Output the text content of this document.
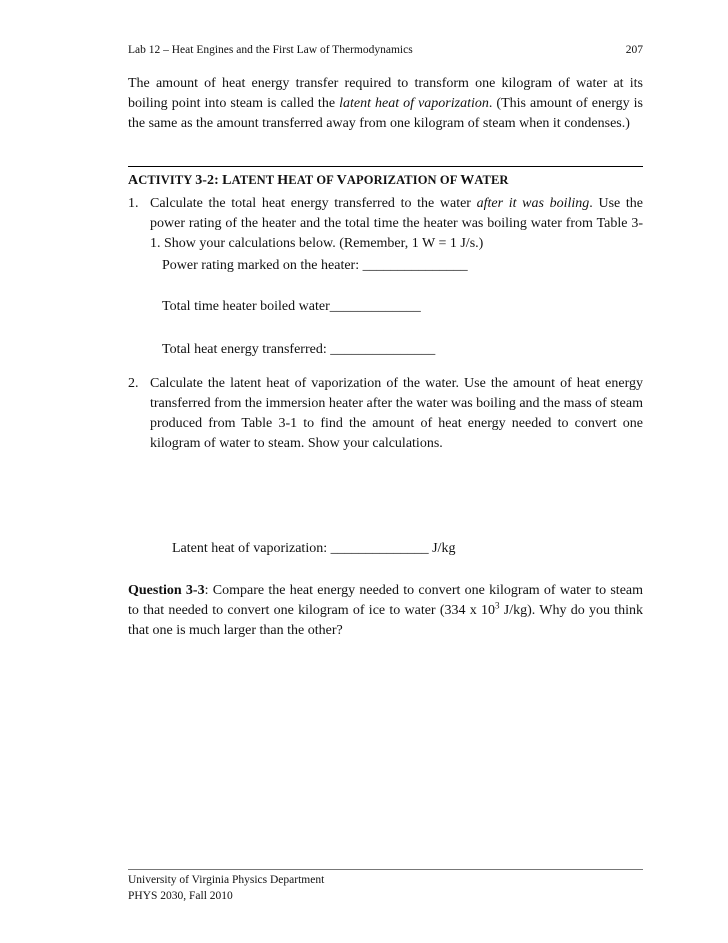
Lab 12 – Heat Engines and the First Law of Thermodynamics	207
The amount of heat energy transfer required to transform one kilogram of water at its boiling point into steam is called the latent heat of vaporization. (This amount of energy is the same as the amount transferred away from one kilogram of steam when it condenses.)
ACTIVITY 3-2: LATENT HEAT OF VAPORIZATION OF WATER
1. Calculate the total heat energy transferred to the water after it was boiling. Use the power rating of the heater and the total time the heater was boiling water from Table 3-1. Show your calculations below. (Remember, 1 W = 1 J/s.)
Power rating marked on the heater: _______________
Total time heater boiled water_____________
Total heat energy transferred: _______________
2. Calculate the latent heat of vaporization of the water. Use the amount of heat energy transferred from the immersion heater after the water was boiling and the mass of steam produced from Table 3-1 to find the amount of heat energy needed to convert one kilogram of water to steam. Show your calculations.
Latent heat of vaporization: ______________ J/kg
Question 3-3: Compare the heat energy needed to convert one kilogram of water to steam to that needed to convert one kilogram of ice to water (334 x $10^3$ J/kg). Why do you think that one is much larger than the other?
University of Virginia Physics Department
PHYS 2030, Fall 2010
